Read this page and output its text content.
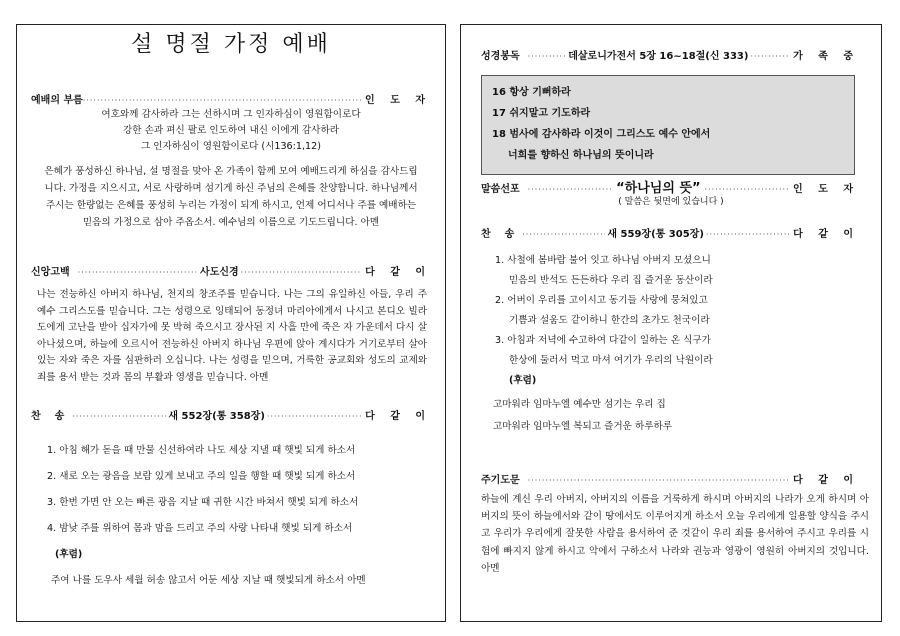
설 명절 가정 예배
예배의 부름 ·····	인 도 자
여호와께 감사하라 그는 선하시며 그 인자하심이 영원함이로다
강한 손과 펴신 팔로 인도하여 내신 이에게 감사하라
그 인자하심이 영원함이로다 (시136:1,12)
은혜가 풍성하신 하나님, 설 명절을 맞아 온 가족이 함께 모여 예배드리게 하심을 감사드립니다. 가정을 지으시고, 서로 사랑하며 섬기게 하신 주님의 은혜를 찬양합니다. 하나님께서 주시는 한량없는 은혜를 풍성히 누리는 가정이 되게 하시고, 언제 어디서나 주를 예배하는 믿음의 가정으로 삼아 주옵소서. 예수님의 이름으로 기도드립니다. 아멘
신앙고백 ·····	사도신경 ·····	다 같 이
나는 전능하신 아버지 하나님, 천지의 창조주를 믿습니다. 나는 그의 유일하신 아들, 우리 주 예수 그리스도를 믿습니다. 그는 성령으로 잉태되어 동정녀 마리아에게서 나시고 본디오 빌라도에게 고난을 받아 십자가에 못 박혀 죽으시고 장사된 지 사흘 만에 죽은 자 가운데서 다시 살아나셨으며, 하늘에 오르시어 전능하신 아버지 하나님 우편에 앉아 계시다가 거기로부터 살아있는 자와 죽은 자를 심판하러 오십니다. 나는 성령을 믿으며, 거룩한 공교회와 성도의 교제와 죄를 용서 받는 것과 몸의 부활과 영생을 믿습니다. 아멘
찬    송 ·····	새 552장(통 358장) ·····	다 같 이
1. 아침 해가 돋을 때 만물 신선하여라 나도 세상 지낼 때 햇빛 되게 하소서
2. 새로 오는 광음을 보람 있게 보내고 주의 일을 행할 때 햇빛 되게 하소서
3. 한번 가면 안 오는 빠른 광음 지날 때 귀한 시간 바쳐서 햇빛 되게 하소서
4. 밤낮 주를 위하여 몸과 맘을 드리고 주의 사랑 나타내 햇빛 되게 하소서
(후렴)
주여 나를 도우사 세월 허송 않고서 어둔 세상 지날 때 햇빛되게 하소서 아멘
성경봉독 ·····	데살로니가전서 5장 16~18절(신 333) ·····	가 족 중
16 항상 기뻐하라
17 쉬지말고 기도하라
18 범사에 감사하라 이것이 그리스도 예수 안에서
너희를 향하신 하나님의 뜻이니라
말씀선포 ·····	“하나님의 뜻” ·····	인 도 자
( 말씀은 뒷면에 있습니다 )
찬    송 ·····	새 559장(통 305장) ·····	다 같 이
1. 사철에 봄바람 불어 잇고 하나님 아버지 모셨으니
믿음의 반석도 든든하다 우리 집 즐거운 동산이라
2. 어버이 우리를 고이시고 동기들 사랑에 뭉쳐있고
기쁨과 설움도 같이하니 한간의 초가도 천국이라
3. 아침과 저녁에 수고하여 다같이 일하는 온 식구가
한상에 둘러서 먹고 마셔 여기가 우리의 낙원이라
(후렴)
고마워라 임마누엘 예수만 섬기는 우리 집
고마워라 임마누엘 복되고 즐거운 하루하루
주기도문 ·····	다 같 이
하늘에 계신 우리 아버지, 아버지의 이름을 거룩하게 하시며 아버지의 나라가 오게 하시며 아버지의 뜻이 하늘에서와 같이 땅에서도 이루어지게 하소서 오늘 우리에게 일용할 양식을 주시고 우리가 우리에게 잘못한 사람을 용서하여 준 것같이 우리 죄를 용서하여 주시고 우리를 시험에 빠지지 않게 하시고 악에서 구하소서 나라와 권능과 영광이 영원히 아버지의 것입니다. 아멘
